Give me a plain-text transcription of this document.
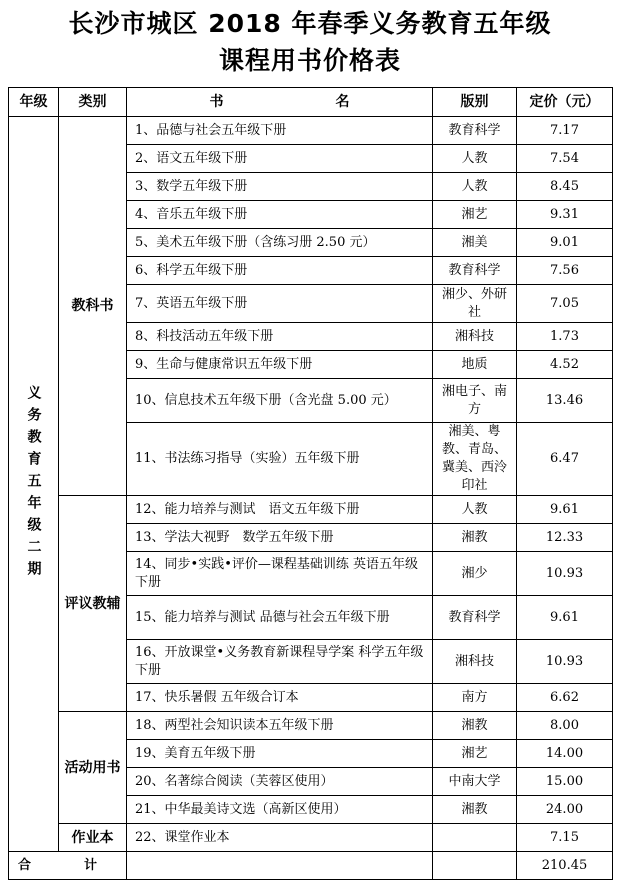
长沙市城区 2018 年春季义务教育五年级
课程用书价格表
年级	类别	书　　　　　　　　名	版别	定价（元）
义务教育五年级二期	教科书	1、品德与社会五年级下册	教育科学	7.17
		2、语文五年级下册	人教	7.54
		3、数学五年级下册	人教	8.45
		4、音乐五年级下册	湘艺	9.31
		5、美术五年级下册（含练习册 2.50 元）	湘美	9.01
		6、科学五年级下册	教育科学	7.56
		7、英语五年级下册	湘少、外研社	7.05
		8、科技活动五年级下册	湘科技	1.73
		9、生命与健康常识五年级下册	地质	4.52
		10、信息技术五年级下册（含光盘 5.00 元）	湘电子、南方	13.46
		11、书法练习指导（实验）五年级下册	湘美、粤教、青岛、冀美、西泠印社	6.47
	评议教辅	12、能力培养与测试　语文五年级下册	人教	9.61
		13、学法大视野　数学五年级下册	湘教	12.33
		14、同步•实践•评价—课程基础训练 英语五年级下册	湘少	10.93
		15、能力培养与测试 品德与社会五年级下册	教育科学	9.61
		16、开放课堂•义务教育新课程导学案 科学五年级下册	湘科技	10.93
		17、快乐暑假 五年级合订本	南方	6.62
	活动用书	18、两型社会知识读本五年级下册	湘教	8.00
		19、美育五年级下册	湘艺	14.00
		20、名著综合阅读（芙蓉区使用）	中南大学	15.00
		21、中华最美诗文选（高新区使用）	湘教	24.00
	作业本	22、课堂作业本		7.15
合　计				210.45
